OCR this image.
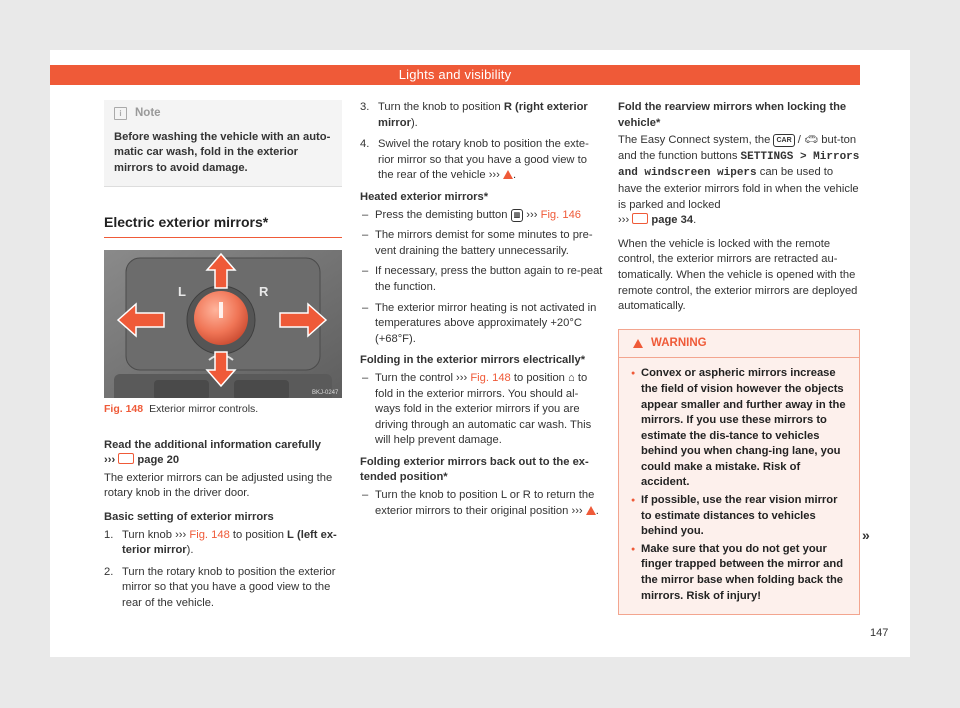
Lights and visibility
i	Note
Before washing the vehicle with an auto-matic car wash, fold in the exterior mirrors to avoid damage.
Electric exterior mirrors*
L	R
BKJ-0247
Fig. 148 Exterior mirror controls.

Read the additional information carefully
››› page 20

The exterior mirrors can be adjusted using the rotary knob in the driver door.

Basic setting of exterior mirrors

1. Turn knob ››› Fig. 148 to position L (left ex-terior mirror).
2. Turn the rotary knob to position the exterior mirror so that you have a good view to the rear of the vehicle.
3. Turn the knob to position R (right exterior mirror).
4. Swivel the rotary knob to position the exte-rior mirror so that you have a good view to the rear of the vehicle ››› .

Heated exterior mirrors*

– Press the demisting button ▥ ››› Fig. 146
– The mirrors demist for some minutes to pre-vent draining the battery unnecessarily.
– If necessary, press the button again to re-peat the function.
– The exterior mirror heating is not activated in temperatures above approximately +20°C (+68°F).

Folding in the exterior mirrors electrically*

– Turn the control ››› Fig. 148 to position ⌂ to fold in the exterior mirrors. You should al-ways fold in the exterior mirrors if you are driving through an automatic car wash. This will help prevent damage.

Folding exterior mirrors back out to the ex-tended position*

– Turn the knob to position L or R to return the exterior mirrors to their original position ››› .

Fold the rearview mirrors when locking the vehicle*

The Easy Connect system, the CAR / 🚗︎ but-ton and the function buttons SETTINGS > Mirrors and windscreen wipers can be used to have the exterior mirrors fold in when the vehicle is parked and locked
›››  page 34.

When the vehicle is locked with the remote control, the exterior mirrors are retracted au-tomatically. When the vehicle is opened with the remote control, the exterior mirrors are deployed automatically.

WARNING
● Convex or aspheric mirrors increase the field of vision however the objects appear smaller and further away in the mirrors. If you use these mirrors to estimate the dis-tance to vehicles behind you when chang-ing lane, you could make a mistake. Risk of accident.
● If possible, use the rear vision mirror to estimate distances to vehicles behind you.
● Make sure that you do not get your finger trapped between the mirror and the mirror base when folding back the mirrors. Risk of injury!
»
147
